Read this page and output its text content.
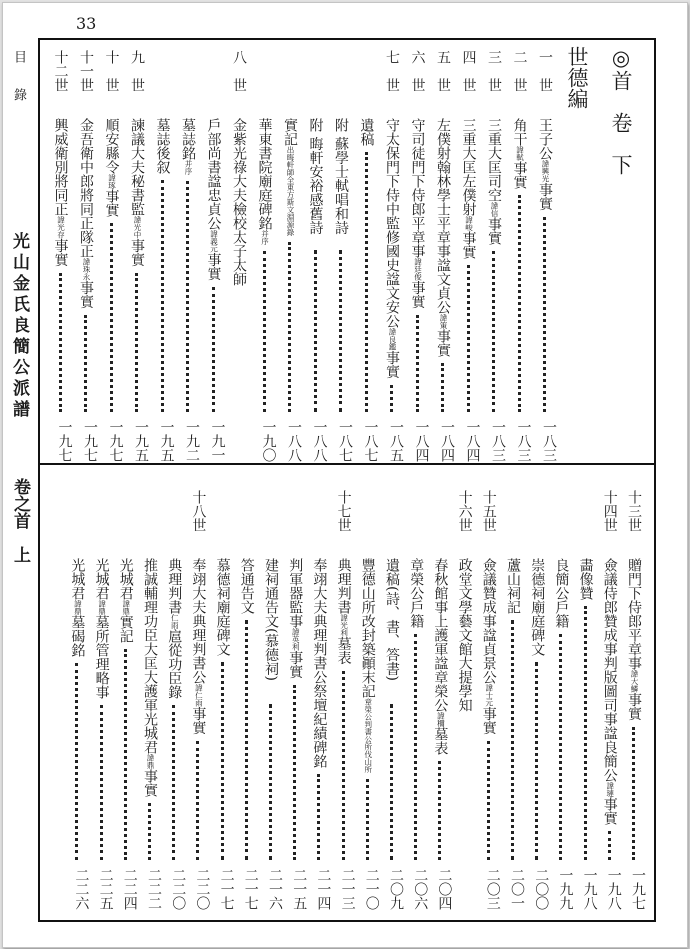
33
目　錄
光山金氏良簡公派譜
卷之首　上
◎首　卷　下
世德編
一　世王子公諱興光事實
一八三
二　世角干諱軾事實
一八三
三　世三重大匡司空諱信事實
一八三
四　世三重大匡左僕射諱峻事實
一八四
五　世左僕射翰林學士平章事諡文貞公諱策事實
一八四
六　世守司徒門下侍郎平章事諱廷俊事實
一八四
七　世守太保門下侍中監修國史諡文安公諱良鑑事實
一八五
遺稿
一八七
附 蘇學士軾唱和詩
一八七
附 晦軒安裕感舊詩
一八八
實記出晦軒師全東方斯文淵源錄
一八八
華東書院廟庭碑銘并序
一九〇
八　世金紫光祿大夫檢校太子太師
戶部尚書諡忠貞公諱義元事實
一九一
墓誌銘并序
一九二
墓誌後叙
一九五
九　世諫議大夫秘書監諱光中事實
一九五
十　世順安縣令諱琢事實
一九七
十一世金吾衛中郎將同正隊正諱珠永事實
一九七
十二世興威衛別將同正諱光存事實
一九七
十三世贈門下侍郎平章事諱大鱗事實
一九七
十四世僉議侍郎贊成事判版圖司事諡良簡公諱璉事實
一九八
畵像贊
一九八
良簡公戶籍
一九九
崇德祠廟庭碑文
二〇〇
蘆山祠記
二〇一
十五世僉議贊成事諡貞景公諱士元事實
二〇三
十六世政堂文學藝文館大提學知
春秋館事上護軍諡章榮公諱穪墓表
二〇四
章榮公戶籍
二〇六
遺稿(詩、書、答書)
二〇九
豐德山所改封築顚末記章榮公判書公所伐山所
二一〇
十七世典理判書諱光利墓表
二一三
奉翊大夫典理判書公祭壇紀績碑銘
二一四
判軍器監事諱英利事實
二一五
建祠通告文(慕德祠)
二一六
答通告文
二一七
慕德祠廟庭碑文
二一七
十八世奉翊大夫典理判書公諱仁雨事實
二二〇
典理判書仁雨扈從功臣錄
二二〇
推誠輔理功臣大匡大護軍光城君諱鼎事實
二二二
光城君諱鼎實記
二二四
光城君諱鼎墓所管理略事
二二五
光城君諱鼎墓碣銘
二二六
